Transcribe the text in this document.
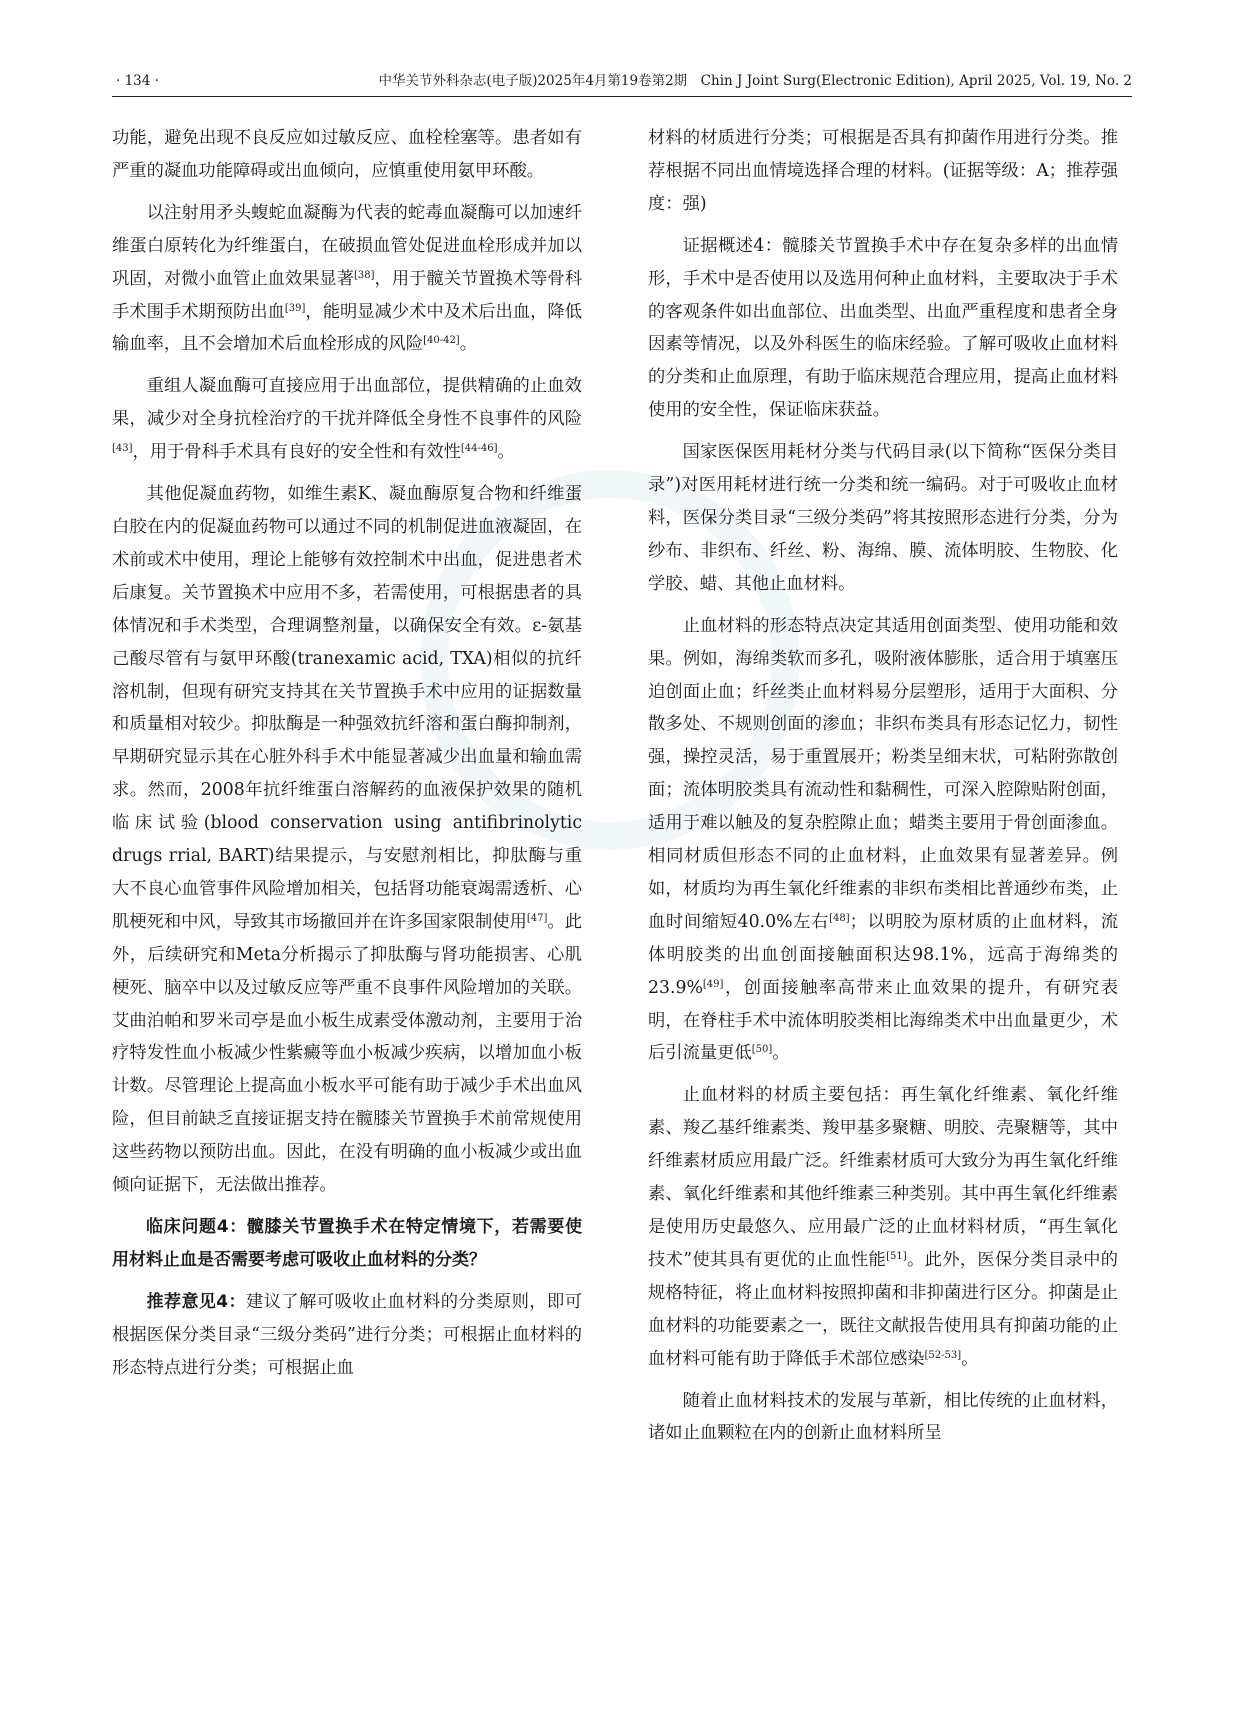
· 134 ·	中华关节外科杂志(电子版)2025年4月第19卷第2期　Chin J Joint Surg(Electronic Edition), April 2025, Vol. 19, No. 2

功能，避免出现不良反应如过敏反应、血栓栓塞等。患者如有严重的凝血功能障碍或出血倾向，应慎重使用氨甲环酸。

以注射用矛头蝮蛇血凝酶为代表的蛇毒血凝酶可以加速纤维蛋白原转化为纤维蛋白，在破损血管处促进血栓形成并加以巩固，对微小血管止血效果显著[38]，用于髋关节置换术等骨科手术围手术期预防出血[39]，能明显减少术中及术后出血，降低输血率，且不会增加术后血栓形成的风险[40-42]。

重组人凝血酶可直接应用于出血部位，提供精确的止血效果，减少对全身抗栓治疗的干扰并降低全身性不良事件的风险[43]，用于骨科手术具有良好的安全性和有效性[44-46]。

其他促凝血药物，如维生素K、凝血酶原复合物和纤维蛋白胶在内的促凝血药物可以通过不同的机制促进血液凝固，在术前或术中使用，理论上能够有效控制术中出血，促进患者术后康复。关节置换术中应用不多，若需使用，可根据患者的具体情况和手术类型，合理调整剂量，以确保安全有效。ε-氨基己酸尽管有与氨甲环酸(tranexamic acid, TXA)相似的抗纤溶机制，但现有研究支持其在关节置换手术中应用的证据数量和质量相对较少。抑肽酶是一种强效抗纤溶和蛋白酶抑制剂，早期研究显示其在心脏外科手术中能显著减少出血量和输血需求。然而，2008年抗纤维蛋白溶解药的血液保护效果的随机临床试验(blood conservation using antifibrinolytic drugs rrial, BART)结果提示，与安慰剂相比，抑肽酶与重大不良心血管事件风险增加相关，包括肾功能衰竭需透析、心肌梗死和中风，导致其市场撤回并在许多国家限制使用[47]。此外，后续研究和Meta分析揭示了抑肽酶与肾功能损害、心肌梗死、脑卒中以及过敏反应等严重不良事件风险增加的关联。艾曲泊帕和罗米司亭是血小板生成素受体激动剂，主要用于治疗特发性血小板减少性紫癜等血小板减少疾病，以增加血小板计数。尽管理论上提高血小板水平可能有助于减少手术出血风险，但目前缺乏直接证据支持在髋膝关节置换手术前常规使用这些药物以预防出血。因此，在没有明确的血小板减少或出血倾向证据下，无法做出推荐。

临床问题4：髋膝关节置换手术在特定情境下，若需要使用材料止血是否需要考虑可吸收止血材料的分类？

推荐意见4：建议了解可吸收止血材料的分类原则，即可根据医保分类目录“三级分类码”进行分类；可根据止血材料的形态特点进行分类；可根据止血

材料的材质进行分类；可根据是否具有抑菌作用进行分类。推荐根据不同出血情境选择合理的材料。(证据等级：A；推荐强度：强)

证据概述4：髋膝关节置换手术中存在复杂多样的出血情形，手术中是否使用以及选用何种止血材料，主要取决于手术的客观条件如出血部位、出血类型、出血严重程度和患者全身因素等情况，以及外科医生的临床经验。了解可吸收止血材料的分类和止血原理，有助于临床规范合理应用，提高止血材料使用的安全性，保证临床获益。

国家医保医用耗材分类与代码目录(以下简称“医保分类目录”)对医用耗材进行统一分类和统一编码。对于可吸收止血材料，医保分类目录“三级分类码”将其按照形态进行分类，分为纱布、非织布、纤丝、粉、海绵、膜、流体明胶、生物胶、化学胶、蜡、其他止血材料。

止血材料的形态特点决定其适用创面类型、使用功能和效果。例如，海绵类软而多孔，吸附液体膨胀，适合用于填塞压迫创面止血；纤丝类止血材料易分层塑形，适用于大面积、分散多处、不规则创面的渗血；非织布类具有形态记忆力，韧性强，操控灵活，易于重置展开；粉类呈细末状，可粘附弥散创面；流体明胶类具有流动性和黏稠性，可深入腔隙贴附创面，适用于难以触及的复杂腔隙止血；蜡类主要用于骨创面渗血。相同材质但形态不同的止血材料，止血效果有显著差异。例如，材质均为再生氧化纤维素的非织布类相比普通纱布类，止血时间缩短40.0%左右[48]；以明胶为原材质的止血材料，流体明胶类的出血创面接触面积达98.1%，远高于海绵类的23.9%[49]，创面接触率高带来止血效果的提升，有研究表明，在脊柱手术中流体明胶类相比海绵类术中出血量更少，术后引流量更低[50]。

止血材料的材质主要包括：再生氧化纤维素、氧化纤维素、羧乙基纤维素类、羧甲基多聚糖、明胶、壳聚糖等，其中纤维素材质应用最广泛。纤维素材质可大致分为再生氧化纤维素、氧化纤维素和其他纤维素三种类别。其中再生氧化纤维素是使用历史最悠久、应用最广泛的止血材料材质，“再生氧化技术”使其具有更优的止血性能[51]。此外，医保分类目录中的规格特征，将止血材料按照抑菌和非抑菌进行区分。抑菌是止血材料的功能要素之一，既往文献报告使用具有抑菌功能的止血材料可能有助于降低手术部位感染[52-53]。

随着止血材料技术的发展与革新，相比传统的止血材料，诸如止血颗粒在内的创新止血材料所呈
